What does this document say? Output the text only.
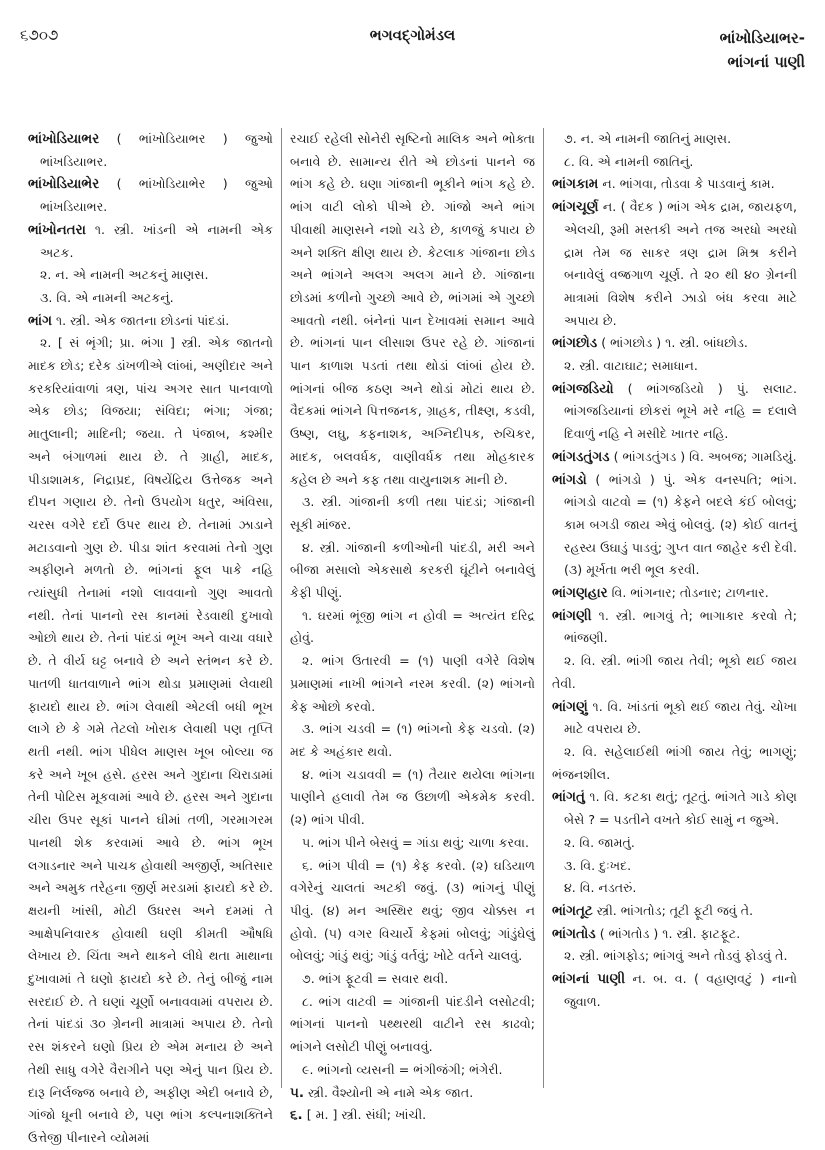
૬૭૦૭	ભગવદ્ગોમંડલ	ભાંખોડિયાભર-
ભાંગનાં પાણી

ભાંખોડિયાભર ( ભાંખોડિયાભર ) જુઓ ભાંખડિયાભર.

ભાંખોડિયાભેર ( ભાંખોડિયાભેર ) જુઓ ભાંખડિયાભર.

ભાંખોનતરા ૧. સ્ત્રી. ખાંડની એ નામની એક અટક.

૨. ન. એ નામની અટકનું માણસ.

૩. વિ. એ નામની અટકનું.

ભાંગ ૧. સ્ત્રી. એક જાતના છોડનાં પાંદડાં.

૨. [ સં ભૃંગી; પ્રા. ભંગા ] સ્ત્રી. એક જાતનો માદક છોડ; દરેક ડાંખળીએ લાંબાં, અણીદાર અને કરકરિયાંવાળાં ત્રણ, પાંચ અગર સાત પાનવાળો એક છોડ; વિજયા; સંવિદા; ભંગા; ગંજા; માતુલાની; માદિની; જયા. તે પંજાબ, કશ્મીર અને બંગાળમાં થાય છે. તે ગ્રાહી, માદક, પીડાશામક, નિદ્રાપ્રદ, વિષયેંદ્રિય ઉત્તેજક અને દીપન ગણાય છે. તેનો ઉપયોગ ધતુર, અંવિસા, ચરસ વગેરે દર્દો ઉપર થાય છે. તેનામાં ઝાડાને મટાડવાનો ગુણ છે. પીડા શાંત કરવામાં તેનો ગુણ અફીણને મળતો છે. ભાંગનાં ફૂલ પાકે નહિ ત્યાંસુધી તેનામાં નશો લાવવાનો ગુણ આવતો નથી. તેનાં પાનનો રસ કાનમાં રેડવાથી દુખાવો ઓછો થાય છે. તેનાં પાંદડાં ભૂખ અને વાચા વધારે છે. તે વીર્ય ઘટ્ટ બનાવે છે અને સ્તંભન કરે છે. પાતળી ધાતવાળાને ભાંગ થોડા પ્રમાણમાં લેવાથી ફાયદો થાય છે. ભાંગ લેવાથી એટલી બધી ભૂખ લાગે છે કે ગમે તેટલો ખોરાક લેવાથી પણ તૃપ્તિ થતી નથી. ભાંગ પીધેલ માણસ ખૂબ બોલ્યા જ કરે અને ખૂબ હસે. હરસ અને ગુદાના ચિરાડામાં તેની પોટિસ મૂકવામાં આવે છે. હરસ અને ગુદાના ચીરા ઉપર સૂકાં પાનને ઘીમાં તળી, ગરમાગરમ પાનથી શેક કરવામાં આવે છે. ભાંગ ભૂખ લગાડનાર અને પાચક હોવાથી અજીર્ણ, અતિસાર અને અમુક તરેહના જીર્ણ મરડામાં ફાયદો કરે છે. ક્ષયની ખાંસી, મોટી ઉધરસ અને દમમાં તે આક્ષેપનિવારક હોવાથી ઘણી કીમતી ઔષધિ લેખાય છે. ચિંતા અને થાકને લીધે થતા માથાના દુખાવામાં તે ઘણો ફાયદો કરે છે. તેનું બીજું નામ સરદાઈ છે. તે ઘણાં ચૂર્ણો બનાવવામાં વપરાય છે. તેનાં પાંદડાં ૩૦ ગ્રેનની માત્રામાં અપાય છે. તેનો રસ શંકરને ઘણો પ્રિય છે એમ મનાય છે અને તેથી સાધુ વગેરે વૈરાગીને પણ એનું પાન પ્રિય છે. દારૂ નિર્લજ્જ બનાવે છે, અફીણ એદી બનાવે છે, ગાંજો ધૂની બનાવે છે, પણ ભાંગ કલ્પનાશક્તિને ઉત્તેજી પીનારને વ્યોમમાં

રચાઈ રહેલી સોનેરી સૃષ્ટિનો માલિક અને ભોક્તા બનાવે છે. સામાન્ય રીતે એ છોડનાં પાનને જ ભાંગ કહે છે. ઘણા ગાંજાની ભૂકીને ભાંગ કહે છે. ભાંગ વાટી લોકો પીએ છે. ગાંજો અને ભાંગ પીવાથી માણસને નશો ચડે છે, કાળજું કપાય છે અને શક્તિ ક્ષીણ થાય છે. કેટલાક ગાંજાના છોડ અને ભાંગને અલગ અલગ માને છે. ગાંજાના છોડમાં કળીનો ગુચ્છો આવે છે, ભાંગમાં એ ગુચ્છો આવતો નથી. બંનેનાં પાન દેખાવમાં સમાન આવે છે. ભાંગનાં પાન લીસાશ ઉપર રહે છે. ગાંજાનાં પાન કાળાશ પડતાં તથા થોડાં લાંબાં હોય છે. ભાંગનાં બીજ કઠણ અને થોડાં મોટાં થાય છે. વૈદકમાં ભાંગને પિત્તજનક, ગ્રાહક, તીક્ષ્ણ, કડવી, ઉષ્ણ, લઘુ, કફનાશક, અગ્નિદીપક, રુચિકર, માદક, બલવર્ધક, વાણીવર્ધક તથા મોહકારક કહેલ છે અને કફ તથા વાયુનાશક માની છે.

૩. સ્ત્રી. ગાંજાની કળી તથા પાંદડાં; ગાંજાની સૂકી માંજર.

૪. સ્ત્રી. ગાંજાની કળીઓની પાંદડી, મરી અને બીજા મસાલો એકસાથે કરકરી ઘૂંટીને બનાવેલું કેફી પીણું.

૧. ઘરમાં ભૂંજી ભાંગ ન હોવી = અત્યંત દરિદ્ર હોવું.

૨. ભાંગ ઉતારવી = (૧) પાણી વગેરે વિશેષ પ્રમાણમાં નાખી ભાંગને નરમ કરવી. (૨) ભાંગનો કેફ ઓછો કરવો.

૩. ભાંગ ચડવી = (૧) ભાંગનો કેફ ચડવો. (૨) મદ કે અહંકાર થવો.

૪. ભાંગ ચડાવવી = (૧) તૈયાર થયેલા ભાંગના પાણીને હલાવી તેમ જ ઉછાળી એકમેક કરવી. (૨) ભાંગ પીવી.

૫. ભાંગ પીને બેસવું = ગાંડા થવું; ચાળા કરવા.

૬. ભાંગ પીવી = (૧) કેફ કરવો. (૨) ઘડિયાળ વગેરેનું ચાલતાં અટકી જવું. (૩) ભાંગનું પીણું પીવું. (૪) મન અસ્થિર થવું; જીવ ચોક્કસ ન હોવો. (૫) વગર વિચાર્યે કેફમાં બોલવું; ગાંડુંઘેલું બોલવું; ગાંડું થવું; ગાંડું વર્તવું; ખોટે વર્તને ચાલવું.

૭. ભાંગ ફૂટવી = સવાર થવી.

૮. ભાંગ વાટવી = ગાંજાની પાંદડીને લસોટવી; ભાંગનાં પાનનો પથ્થરથી વાટીને રસ કાઢવો; ભાંગને લસોટી પીણું બનાવવું.

૯. ભાંગનો વ્યસની = ભંગીજંગી; ભંગેરી.

૫. સ્ત્રી. વૈશ્યોની એ નામે એક જાત.

૬. [ મ. ] સ્ત્રી. સંધી; ખાંચી.

૭. ન. એ નામની જાતિનું માણસ.

૮. વિ. એ નામની જાતિનું.

ભાંગકામ ન. ભાંગવા, તોડવા કે પાડવાનું કામ.

ભાંગચૂર્ણ ન. ( વૈદક ) ભાંગ એક દ્રામ, જાયફળ, એલચી, રૂમી મસ્તકી અને તજ અરધો અરધો દ્રામ તેમ જ સાકર ત્રણ દ્રામ મિશ્ર કરીને બનાવેલું વજ્રગાળ ચૂર્ણ. તે ૨૦ થી ૪૦ ગ્રેનની માત્રામાં વિશેષ કરીને ઝાડો બંધ કરવા માટે અપાય છે.

ભાંગછોડ ( ભાંગછોડ ) ૧. સ્ત્રી. બાંધછોડ.

૨. સ્ત્રી. વાટાઘાટ; સમાધાન.

ભાંગજડિયો ( ભાંગજડિયો ) પું. સલાટ. ભાંગજડિયાનાં છોકરાં ભૂખે મરે નહિ = દલાલે દિવાળું નહિ ને મસીદે ખાતર નહિ.

ભાંગડતુંગડ ( ભાંગડતુંગડ ) વિ. અબજ; ગામડિયું.

ભાંગડો ( ભાંગડો ) પું. એક વનસ્પતિ; ભાંગ. ભાંગડો વાટવો = (૧) કેફને બદલે કંઈ બોલવું; કામ બગડી જાય એવું બોલવું. (૨) કોઈ વાતનું રહસ્ય ઉઘાડું પાડવું; ગુપ્ત વાત જાહેર કરી દેવી. (૩) મૂર્ખતા ભરી ભૂલ કરવી.

ભાંગણહાર વિ. ભાંગનાર; તોડનાર; ટાળનાર.

ભાંગણી ૧. સ્ત્રી. ભાગવું તે; ભાગાકાર કરવો તે; ભાંજણી.

૨. વિ. સ્ત્રી. ભાંગી જાય તેવી; ભૂકો થઈ જાય તેવી.

ભાંગણું ૧. વિ. ખાંડતાં ભૂકો થઈ જાય તેવું. ચોખા માટે વપરાય છે.

૨. વિ. સહેલાઈથી ભાંગી જાય તેવું; ભાગણું; ભંજનશીલ.

ભાંગતું ૧. વિ. કટકા થતું; તૂટતું. ભાંગતે ગાડે કોણ બેસે ? = પડતીને વખતે કોઈ સામું ન જુએ.

૨. વિ. જામતું.

૩. વિ. દુઃખદ.

૪. વિ. નડતરું.

ભાંગતૂટ સ્ત્રી. ભાંગતોડ; તૂટી ફૂટી જવું તે.

ભાંગતોડ ( ભાંગતોડ ) ૧. સ્ત્રી. ફાટફૂટ.

૨. સ્ત્રી. ભાંગફોડ; ભાંગવું અને તોડવું ફોડવું તે.

ભાંગનાં પાણી ન. બ. વ. ( વહાણવટું ) નાનો જુવાળ.
